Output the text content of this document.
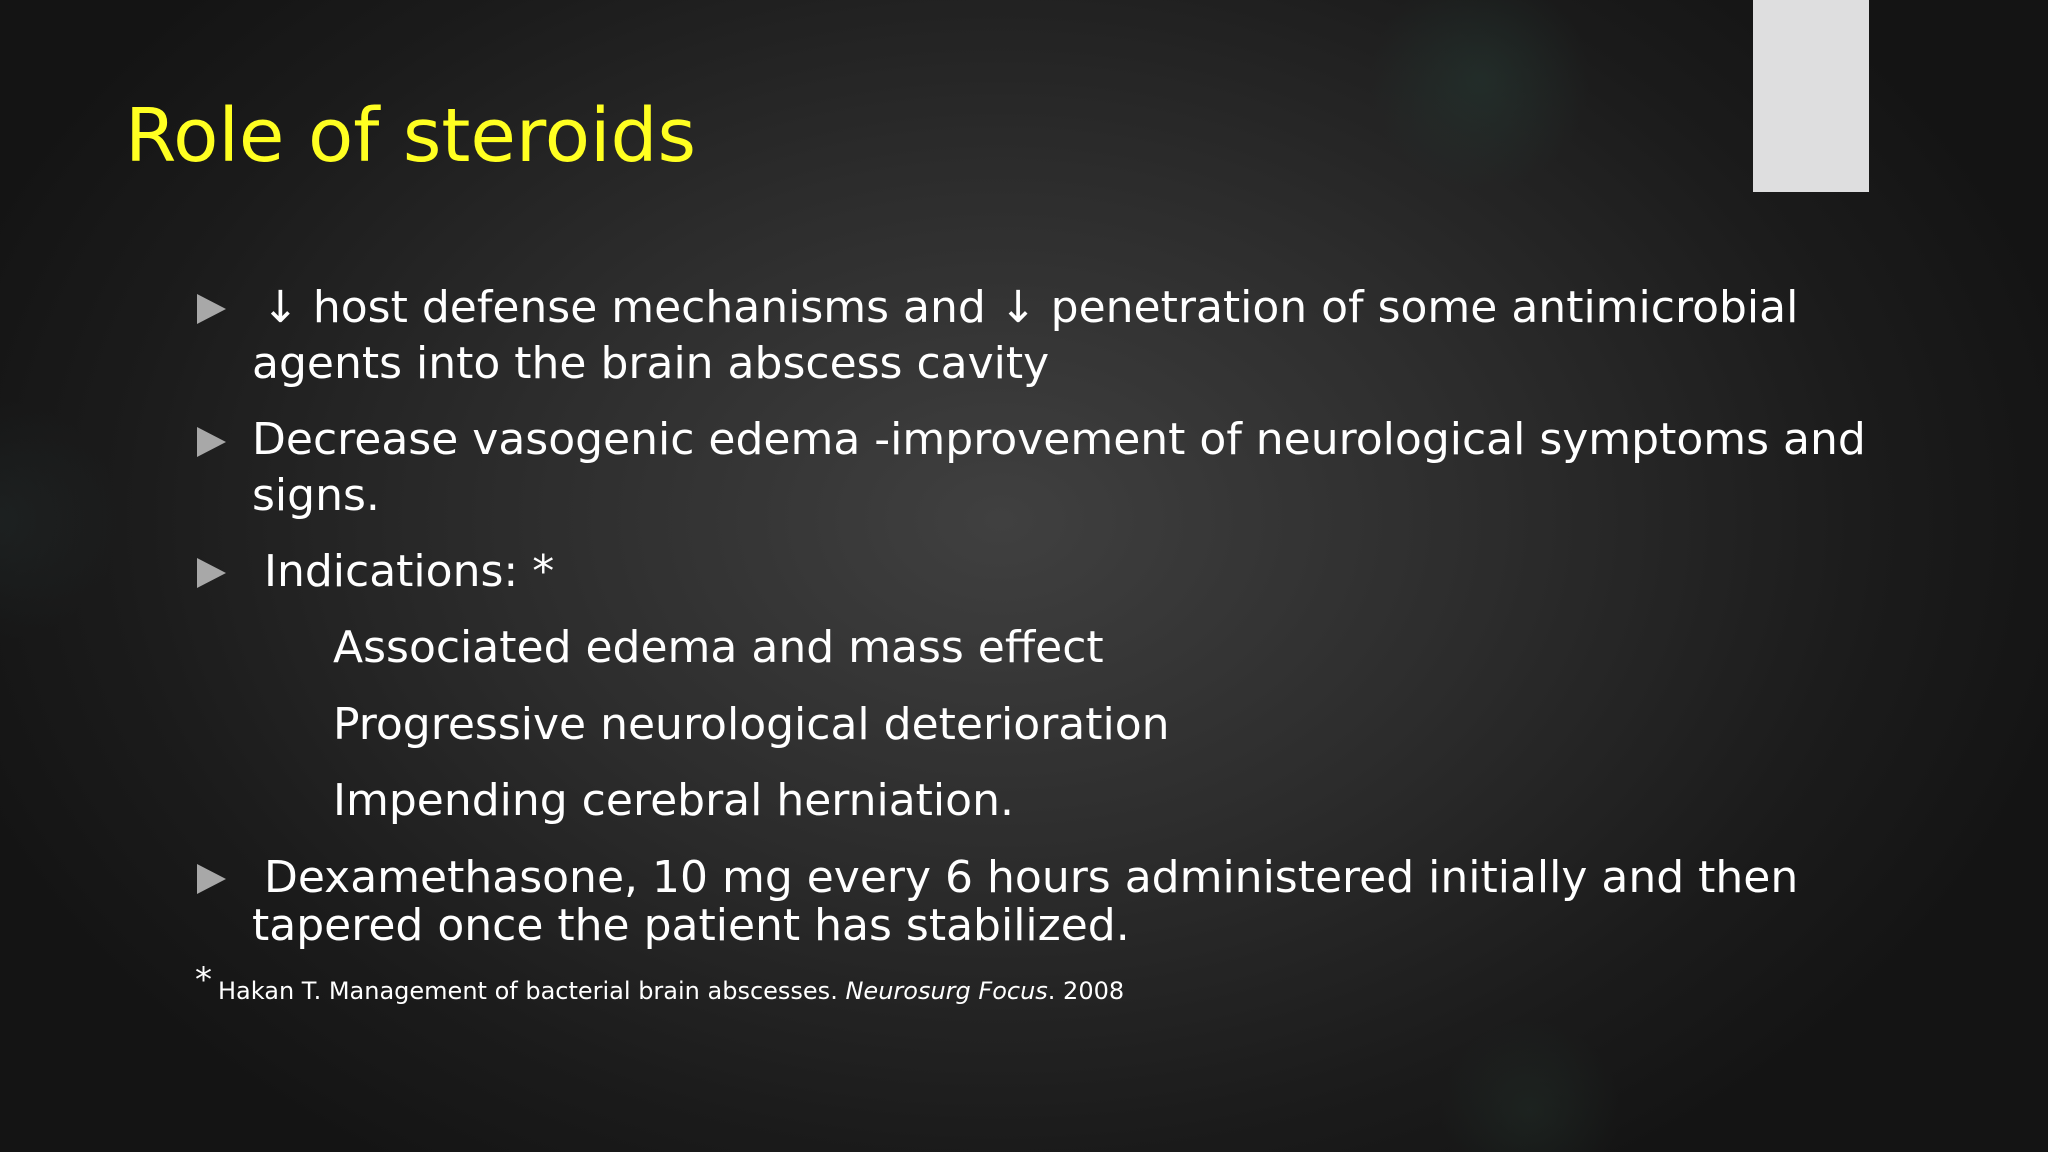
Role of steroids
↓ host defense mechanisms and ↓ penetration of some antimicrobial
agents into the brain abscess cavity
Decrease vasogenic edema -improvement of neurological symptoms and
signs.
Indications: *
Associated edema and mass effect
Progressive neurological deterioration
Impending cerebral herniation.
Dexamethasone, 10 mg every 6 hours administered initially and then
tapered once the patient has stabilized.
* Hakan T. Management of bacterial brain abscesses. Neurosurg Focus. 2008
